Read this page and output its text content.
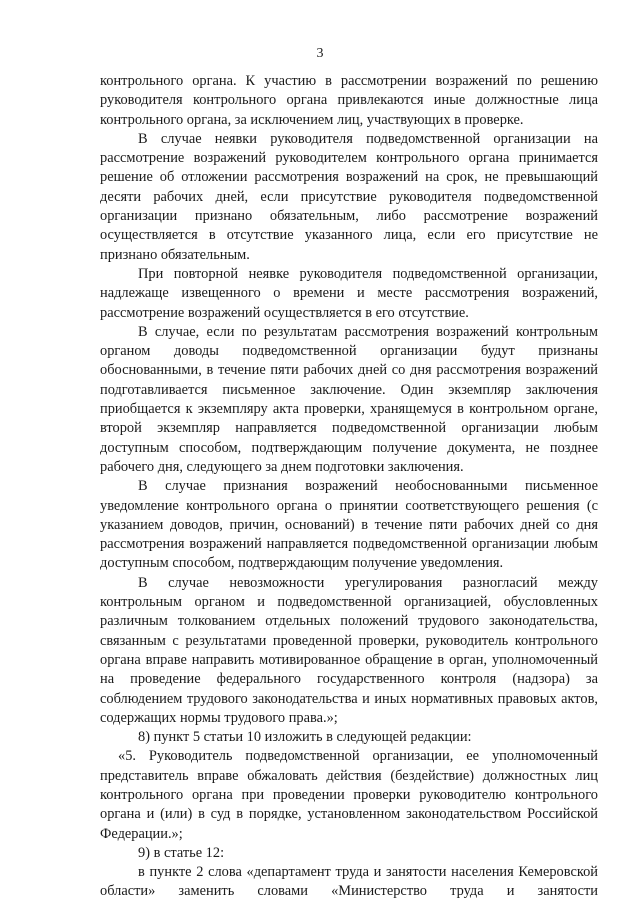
3

контрольного органа. К участию в рассмотрении возражений по решению руководителя контрольного органа привлекаются иные должностные лица контрольного органа, за исключением лиц, участвующих в проверке.

В случае неявки руководителя подведомственной организации на рассмотрение возражений руководителем контрольного органа принимается решение об отложении рассмотрения возражений на срок, не превышающий десяти рабочих дней, если присутствие руководителя подведомственной организации признано обязательным, либо рассмотрение возражений осуществляется в отсутствие указанного лица, если его присутствие не признано обязательным.

При повторной неявке руководителя подведомственной организации, надлежаще извещенного о времени и месте рассмотрения возражений, рассмотрение возражений осуществляется в его отсутствие.

В случае, если по результатам рассмотрения возражений контрольным органом доводы подведомственной организации будут признаны обоснованными, в течение пяти рабочих дней со дня рассмотрения возражений подготавливается письменное заключение. Один экземпляр заключения приобщается к экземпляру акта проверки, хранящемуся в контрольном органе, второй экземпляр направляется подведомственной организации любым доступным способом, подтверждающим получение документа, не позднее рабочего дня, следующего за днем подготовки заключения.

В случае признания возражений необоснованными письменное уведомление контрольного органа о принятии соответствующего решения (с указанием доводов, причин, оснований) в течение пяти рабочих дней со дня рассмотрения возражений направляется подведомственной организации любым доступным способом, подтверждающим получение уведомления.

В случае невозможности урегулирования разногласий между контрольным органом и подведомственной организацией, обусловленных различным толкованием отдельных положений трудового законодательства, связанным с результатами проведенной проверки, руководитель контрольного органа вправе направить мотивированное обращение в орган, уполномоченный на проведение федерального государственного контроля (надзора) за соблюдением трудового законодательства и иных нормативных правовых актов, содержащих нормы трудового права.»;

8) пункт 5 статьи 10 изложить в следующей редакции:

«5. Руководитель подведомственной организации, ее уполномоченный представитель вправе обжаловать действия (бездействие) должностных лиц контрольного органа при проведении проверки руководителю контрольного органа и (или) в суд в порядке, установленном законодательством Российской Федерации.»;

9) в статье 12:

в пункте 2 слова «департамент труда и занятости населения Кемеровской области» заменить словами «Министерство труда и занятости
